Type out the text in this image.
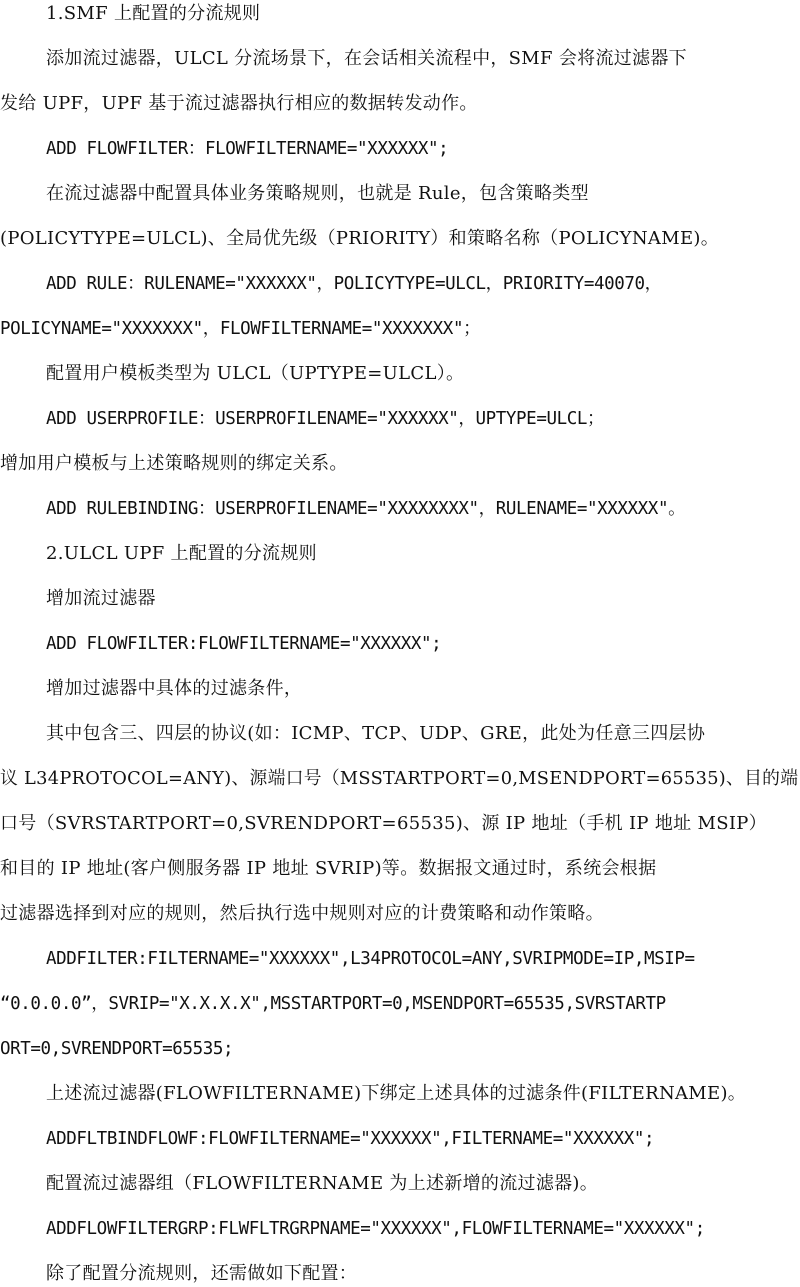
1.SMF 上配置的分流规则
添加流过滤器，ULCL 分流场景下，在会话相关流程中，SMF 会将流过滤器下
发给 UPF，UPF 基于流过滤器执行相应的数据转发动作。
ADD FLOWFILTER：FLOWFILTERNAME="XXXXXX";
在流过滤器中配置具体业务策略规则，也就是 Rule，包含策略类型
(POLICYTYPE=ULCL)、全局优先级（PRIORITY）和策略名称（POLICYNAME)。
ADD RULE：RULENAME="XXXXXX"，POLICYTYPE=ULCL，PRIORITY=40070，
POLICYNAME="XXXXXXX"，FLOWFILTERNAME="XXXXXXX"；
配置用户模板类型为 ULCL（UPTYPE=ULCL）。
ADD USERPROFILE：USERPROFILENAME="XXXXXX"，UPTYPE=ULCL；
增加用户模板与上述策略规则的绑定关系。
ADD RULEBINDING：USERPROFILENAME="XXXXXXXX"，RULENAME="XXXXXX"。
2.ULCL UPF 上配置的分流规则
增加流过滤器
ADD FLOWFILTER:FLOWFILTERNAME="XXXXXX";
增加过滤器中具体的过滤条件，
其中包含三、四层的协议(如：ICMP、TCP、UDP、GRE，此处为任意三四层协
议 L34PROTOCOL=ANY)、源端口号（MSSTARTPORT=0,MSENDPORT=65535)、目的端
口号（SVRSTARTPORT=0,SVRENDPORT=65535)、源 IP 地址（手机 IP 地址 MSIP）
和目的 IP 地址(客户侧服务器 IP 地址 SVRIP)等。数据报文通过时，系统会根据
过滤器选择到对应的规则，然后执行选中规则对应的计费策略和动作策略。
ADDFILTER:FILTERNAME="XXXXXX",L34PROTOCOL=ANY,SVRIPMODE=IP,MSIP=
“0.0.0.0”，SVRIP="X.X.X.X",MSSTARTPORT=0,MSENDPORT=65535,SVRSTARTP
ORT=0,SVRENDPORT=65535;
上述流过滤器(FLOWFILTERNAME)下绑定上述具体的过滤条件(FILTERNAME)。
ADDFLTBINDFLOWF:FLOWFILTERNAME="XXXXXX",FILTERNAME="XXXXXX";
配置流过滤器组（FLOWFILTERNAME 为上述新增的流过滤器)。
ADDFLOWFILTERGRP:FLWFLTRGRPNAME="XXXXXX",FLOWFILTERNAME="XXXXXX";
除了配置分流规则，还需做如下配置：
